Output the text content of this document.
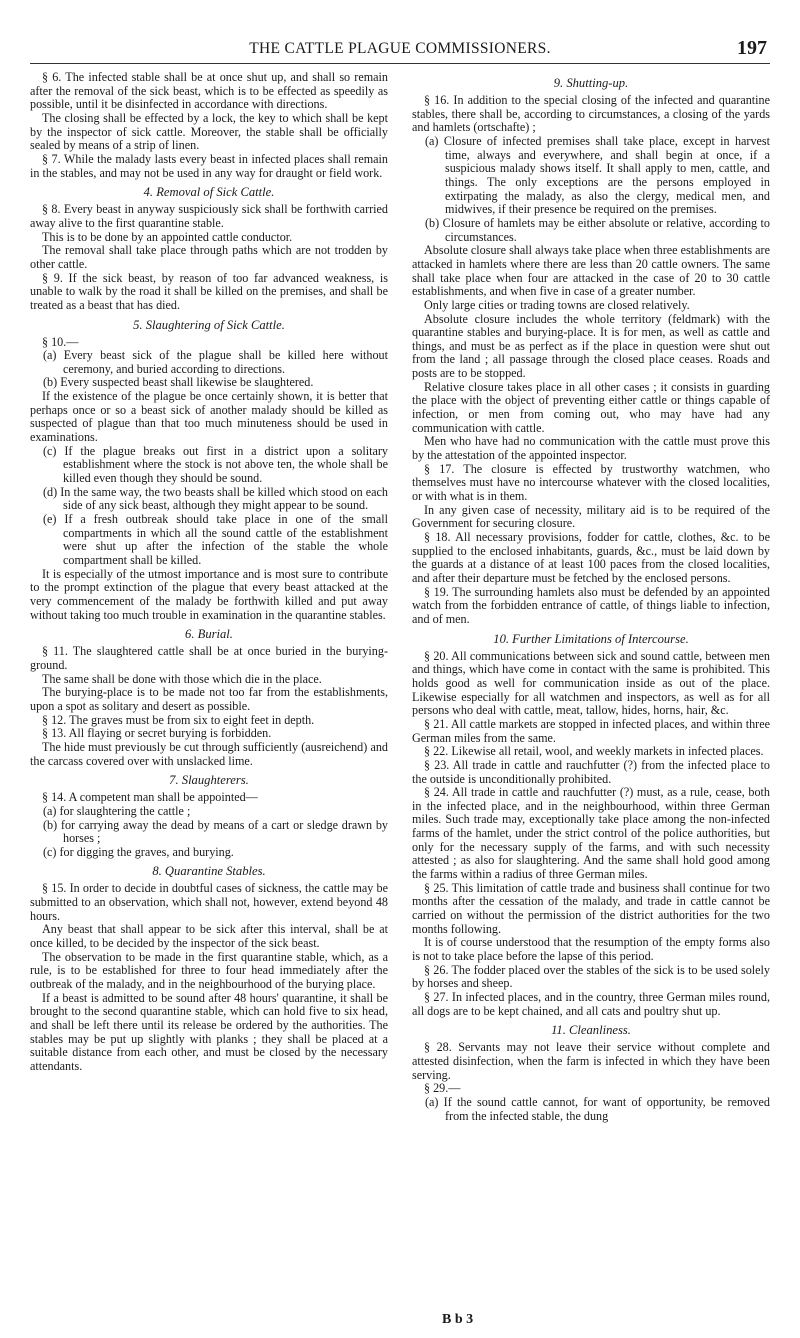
THE CATTLE PLAGUE COMMISSIONERS.	197

§ 6. The infected stable shall be at once shut up, and shall so remain after the removal of the sick beast, which is to be effected as speedily as possible, until it be disinfected in accordance with directions.

The closing shall be effected by a lock, the key to which shall be kept by the inspector of sick cattle. Moreover, the stable shall be officially sealed by means of a strip of linen.

§ 7. While the malady lasts every beast in infected places shall remain in the stables, and may not be used in any way for draught or field work.

4. Removal of Sick Cattle.

§ 8. Every beast in anyway suspiciously sick shall be forthwith carried away alive to the first quarantine stable.

This is to be done by an appointed cattle conductor.

The removal shall take place through paths which are not trodden by other cattle.

§ 9. If the sick beast, by reason of too far advanced weakness, is unable to walk by the road it shall be killed on the premises, and shall be treated as a beast that has died.

5. Slaughtering of Sick Cattle.

§ 10.—

(a) Every beast sick of the plague shall be killed here without ceremony, and buried according to directions.

(b) Every suspected beast shall likewise be slaughtered.

If the existence of the plague be once certainly shown, it is better that perhaps once or so a beast sick of another malady should be killed as suspected of plague than that too much minuteness should be used in examinations.

(c) If the plague breaks out first in a district upon a solitary establishment where the stock is not above ten, the whole shall be killed even though they should be sound.

(d) In the same way, the two beasts shall be killed which stood on each side of any sick beast, although they might appear to be sound.

(e) If a fresh outbreak should take place in one of the small compartments in which all the sound cattle of the establishment were shut up after the infection of the stable the whole compartment shall be killed.

It is especially of the utmost importance and is most sure to contribute to the prompt extinction of the plague that every beast attacked at the very commencement of the malady be forthwith killed and put away without taking too much trouble in examination in the quarantine stables.

6. Burial.

§ 11. The slaughtered cattle shall be at once buried in the burying-ground.

The same shall be done with those which die in the place.

The burying-place is to be made not too far from the establishments, upon a spot as solitary and desert as possible.

§ 12. The graves must be from six to eight feet in depth.

§ 13. All flaying or secret burying is forbidden.

The hide must previously be cut through sufficiently (ausreichend) and the carcass covered over with unslacked lime.

7. Slaughterers.

§ 14. A competent man shall be appointed—

(a) for slaughtering the cattle ;

(b) for carrying away the dead by means of a cart or sledge drawn by horses ;

(c) for digging the graves, and burying.

8. Quarantine Stables.

§ 15. In order to decide in doubtful cases of sickness, the cattle may be submitted to an observation, which shall not, however, extend beyond 48 hours.

Any beast that shall appear to be sick after this interval, shall be at once killed, to be decided by the inspector of the sick beast.

The observation to be made in the first quarantine stable, which, as a rule, is to be established for three to four head immediately after the outbreak of the malady, and in the neighbourhood of the burying place.

If a beast is admitted to be sound after 48 hours' quarantine, it shall be brought to the second quarantine stable, which can hold five to six head, and shall be left there until its release be ordered by the authorities. The stables may be put up slightly with planks ; they shall be placed at a suitable distance from each other, and must be closed by the necessary attendants.

9. Shutting-up.

§ 16. In addition to the special closing of the infected and quarantine stables, there shall be, according to circumstances, a closing of the yards and hamlets (ortschafte) ;

(a) Closure of infected premises shall take place, except in harvest time, always and everywhere, and shall begin at once, if a suspicious malady shows itself. It shall apply to men, cattle, and things. The only exceptions are the persons employed in extirpating the malady, as also the clergy, medical men, and midwives, if their presence be required on the premises.

(b) Closure of hamlets may be either absolute or relative, according to circumstances.

Absolute closure shall always take place when three establishments are attacked in hamlets where there are less than 20 cattle owners. The same shall take place when four are attacked in the case of 20 to 30 cattle establishments, and when five in case of a greater number.

Only large cities or trading towns are closed relatively.

Absolute closure includes the whole territory (feldmark) with the quarantine stables and burying-place. It is for men, as well as cattle and things, and must be as perfect as if the place in question were shut out from the land ; all passage through the closed place ceases. Roads and posts are to be stopped.

Relative closure takes place in all other cases ; it consists in guarding the place with the object of preventing either cattle or things capable of infection, or men from coming out, who may have had any communication with cattle.

Men who have had no communication with the cattle must prove this by the attestation of the appointed inspector.

§ 17. The closure is effected by trustworthy watchmen, who themselves must have no intercourse whatever with the closed localities, or with what is in them.

In any given case of necessity, military aid is to be required of the Government for securing closure.

§ 18. All necessary provisions, fodder for cattle, clothes, &c. to be supplied to the enclosed inhabitants, guards, &c., must be laid down by the guards at a distance of at least 100 paces from the closed localities, and after their departure must be fetched by the enclosed persons.

§ 19. The surrounding hamlets also must be defended by an appointed watch from the forbidden entrance of cattle, of things liable to infection, and of men.

10. Further Limitations of Intercourse.

§ 20. All communications between sick and sound cattle, between men and things, which have come in contact with the same is prohibited. This holds good as well for communication inside as out of the place. Likewise especially for all watchmen and inspectors, as well as for all persons who deal with cattle, meat, tallow, hides, horns, hair, &c.

§ 21. All cattle markets are stopped in infected places, and within three German miles from the same.

§ 22. Likewise all retail, wool, and weekly markets in infected places.

§ 23. All trade in cattle and rauchfutter (?) from the infected place to the outside is unconditionally prohibited.

§ 24. All trade in cattle and rauchfutter (?) must, as a rule, cease, both in the infected place, and in the neighbourhood, within three German miles. Such trade may, exceptionally take place among the non-infected farms of the hamlet, under the strict control of the police authorities, but only for the necessary supply of the farms, and with such necessity attested ; as also for slaughtering. And the same shall hold good among the farms within a radius of three German miles.

§ 25. This limitation of cattle trade and business shall continue for two months after the cessation of the malady, and trade in cattle cannot be carried on without the permission of the district authorities for the two months following.

It is of course understood that the resumption of the empty forms also is not to take place before the lapse of this period.

§ 26. The fodder placed over the stables of the sick is to be used solely by horses and sheep.

§ 27. In infected places, and in the country, three German miles round, all dogs are to be kept chained, and all cats and poultry shut up.

11. Cleanliness.

§ 28. Servants may not leave their service without complete and attested disinfection, when the farm is infected in which they have been serving.

§ 29.—

(a) If the sound cattle cannot, for want of opportunity, be removed from the infected stable, the dung

B b 3
